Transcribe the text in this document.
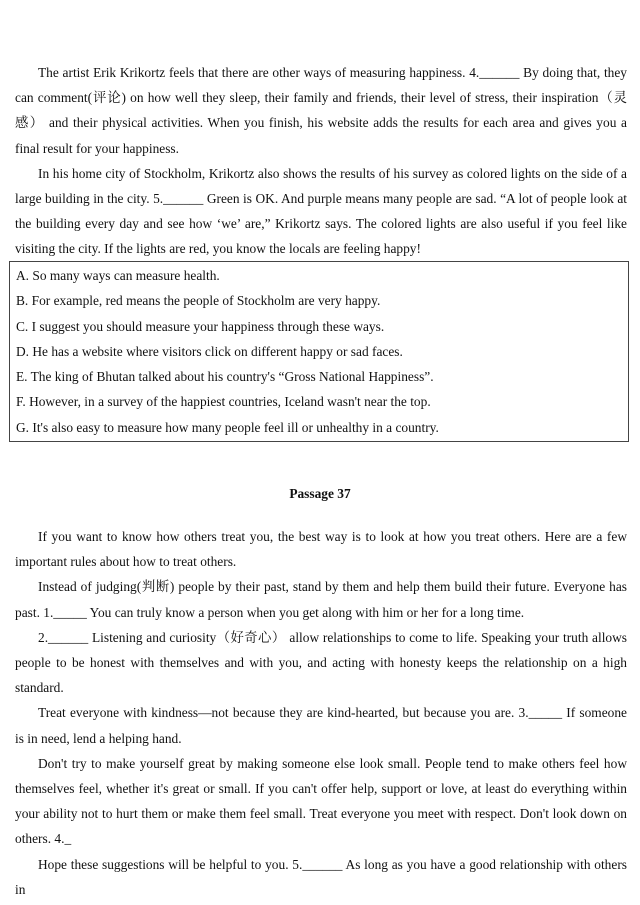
The artist Erik Krikortz feels that there are other ways of measuring happiness. 4.______ By doing that, they can comment(评论) on how well they sleep, their family and friends, their level of stress, their inspiration（灵感） and their physical activities. When you finish, his website adds the results for each area and gives you a final result for your happiness.

In his home city of Stockholm, Krikortz also shows the results of his survey as colored lights on the side of a large building in the city. 5.______ Green is OK. And purple means many people are sad. “A lot of people look at the building every day and see how ‘we’ are,” Krikortz says. The colored lights are also useful if you feel like visiting the city. If the lights are red, you know the locals are feeling happy!

A. So many ways can measure health.

B. For example, red means the people of Stockholm are very happy.

C. I suggest you should measure your happiness through these ways.

D. He has a website where visitors click on different happy or sad faces.

E. The king of Bhutan talked about his country's “Gross National Happiness”.

F. However, in a survey of the happiest countries, Iceland wasn't near the top.

G. It's also easy to measure how many people feel ill or unhealthy in a country.

Passage 37

If you want to know how others treat you, the best way is to look at how you treat others. Here are a few important rules about how to treat others.

Instead of judging(判断) people by their past, stand by them and help them build their future. Everyone has past. 1._____ You can truly know a person when you get along with him or her for a long time.

2.______ Listening and curiosity（好奇心） allow relationships to come to life. Speaking your truth allows people to be honest with themselves and with you, and acting with honesty keeps the relationship on a high standard.

Treat everyone with kindness—not because they are kind-hearted, but because you are. 3._____ If someone is in need, lend a helping hand.

Don't try to make yourself great by making someone else look small. People tend to make others feel how themselves feel, whether it's great or small. If you can't offer help, support or love, at least do everything within your ability not to hurt them or make them feel small. Treat everyone you meet with respect. Don't look down on others. 4._

Hope these suggestions will be helpful to you. 5.______ As long as you have a good relationship with others in
